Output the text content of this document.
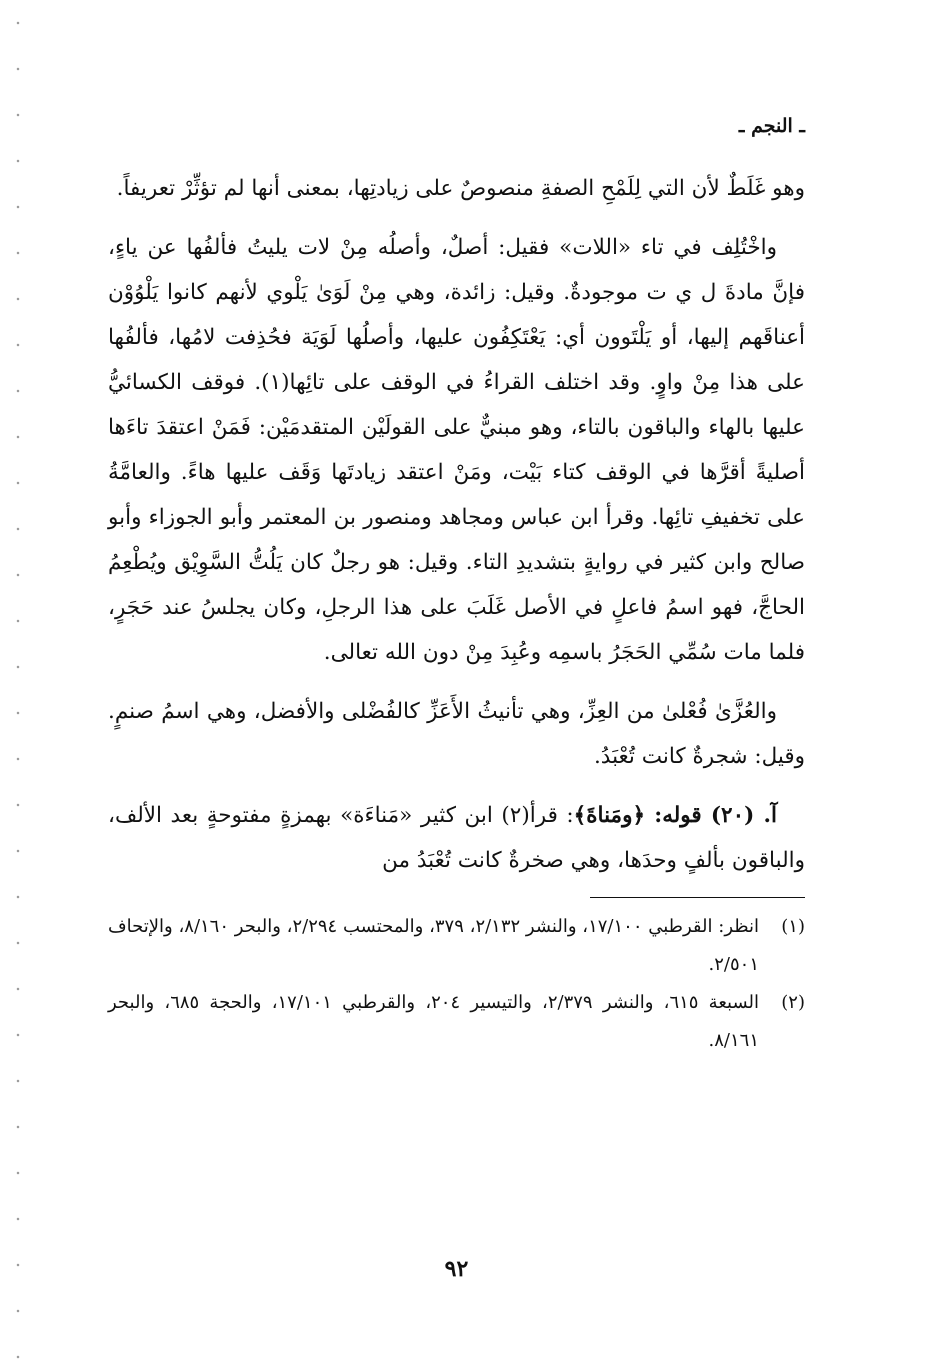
ـ النجم ـ

وهو غَلَطٌ لأن التي لِلَمْحِ الصفةِ منصوصٌ على زيادتِها، بمعنى أنها لم تؤثِّرْ تعريفاً.

واخْتُلِف في تاء «اللات» فقيل: أصلٌ، وأصلُه مِنْ لات يليتُ فألفُها عن ياءٍ، فإنَّ مادةَ ل ي ت موجودةٌ. وقيل: زائدة، وهي مِنْ لَوَىٰ يَلْوي لأنهم كانوا يَلْوُوْن أعناقَهم إليها، أو يَلْتَوون أي: يَعْتَكِفُون عليها، وأصلُها لَوَيَة فحُذِفت لامُها، فألفُها على هذا مِنْ واوٍ. وقد اختلف القراءُ في الوقف على تائِها(١). فوقف الكسائيُّ عليها بالهاء والباقون بالتاء، وهو مبنيٌّ على القولَيْن المتقدمَيْن: فَمَنْ اعتقدَ تاءَها أصليةً أقرَّها في الوقف كتاء بَيْت، ومَنْ اعتقد زيادتَها وَقَف عليها هاءً. والعامَّةُ على تخفيفِ تائِها. وقرأ ابن عباس ومجاهد ومنصور بن المعتمر وأبو الجوزاء وأبو صالح وابن كثير في روايةٍ بتشديدِ التاء. وقيل: هو رجلٌ كان يَلُتُّ السَّوِيْق ويُطْعِمُ الحاجَّ، فهو اسمُ فاعلٍ في الأصل غَلَبَ على هذا الرجلِ، وكان يجلسُ عند حَجَرٍ، فلما مات سُمِّي الحَجَرُ باسمِه وعُبِدَ مِنْ دون الله تعالى.

والعُزَّىٰ فُعْلىٰ من العِزِّ، وهي تأنيثُ الأَعَزِّ كالفُضْلى والأفضل، وهي اسمُ صنمٍ. وقيل: شجرةٌ كانت تُعْبَدُ.

آ. (٢٠) قوله: ﴿ومَناةَ﴾: قرأ(٢) ابن كثير «مَناءَة» بهمزةٍ مفتوحةٍ بعد الألف، والباقون بألفٍ وحدَها، وهي صخرةٌ كانت تُعْبَدُ من

(١)
انظر: القرطبي ١٧/١٠٠، والنشر ٢/١٣٢، ٣٧٩، والمحتسب ٢/٢٩٤، والبحر ٨/١٦٠، والإتحاف ٢/٥٠١.
(٢)
السبعة ٦١٥، والنشر ٢/٣٧٩، والتيسير ٢٠٤، والقرطبي ١٧/١٠١، والحجة ٦٨٥، والبحر ٨/١٦١.
٩٢
